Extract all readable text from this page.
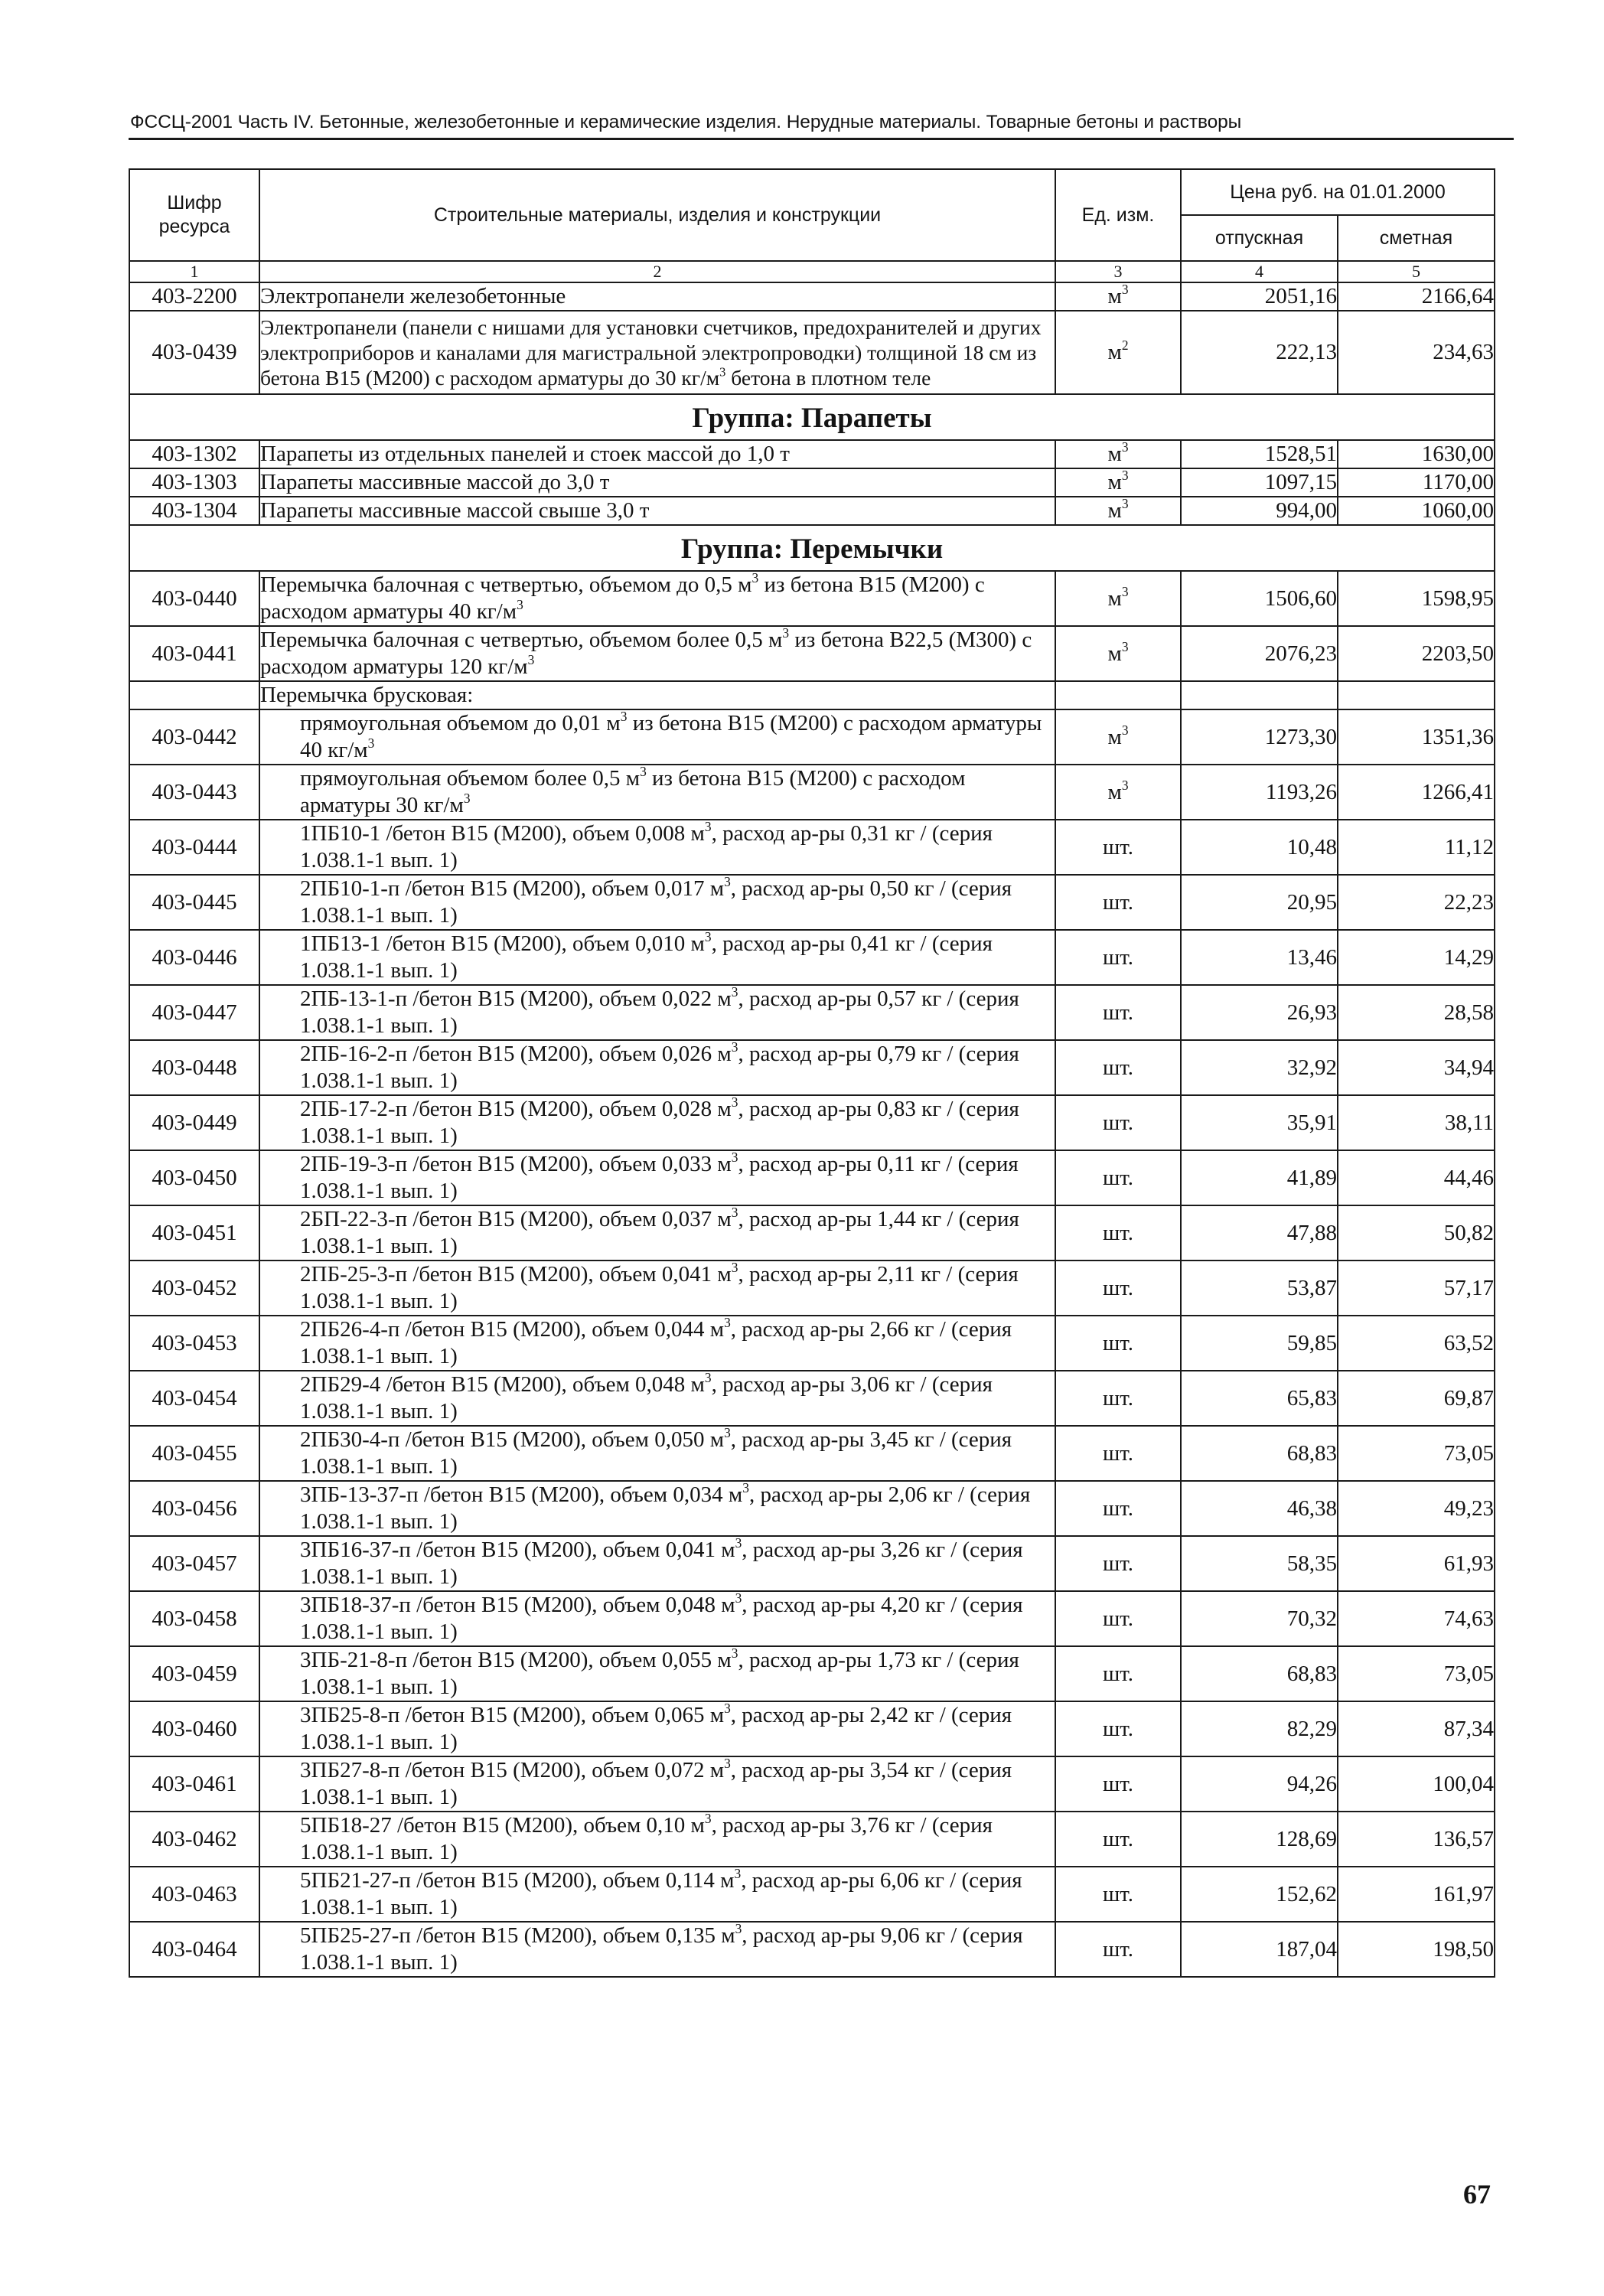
ФССЦ-2001 Часть IV. Бетонные, железобетонные и керамические изделия. Нерудные материалы. Товарные бетоны и растворы
Шифр ресурса	Строительные материалы, изделия и конструкции	Ед. изм.	Цена руб. на 01.01.2000	
			отпускная	сметная
1	2	3	4	5
403-2200	Электропанели железобетонные	$м^3$	2051,16	2166,64
403-0439	Электропанели (панели с нишами для установки счетчиков, предохранителей и других электроприборов и каналами для магистральной электропроводки) толщиной 18 см из бетона В15 (М200) с расходом арматуры до 30 $кг/м^3$ бетона в плотном теле	$м^2$	222,13	234,63
Группа: Парапеты				
403-1302	Парапеты из отдельных панелей и стоек массой до 1,0 т	$м^3$	1528,51	1630,00
403-1303	Парапеты массивные массой до 3,0 т	$м^3$	1097,15	1170,00
403-1304	Парапеты массивные массой свыше 3,0 т	$м^3$	994,00	1060,00
Группа: Перемычки				
403-0440	Перемычка балочная с четвертью, объемом до 0,5 $м^3$ из бетона В15 (М200) с расходом арматуры 40 $кг/м^3$	$м^3$	1506,60	1598,95
403-0441	Перемычка балочная с четвертью, объемом более 0,5 $м^3$ из бетона В22,5 (М300) с расходом арматуры 120 $кг/м^3$	$м^3$	2076,23	2203,50
	Перемычка брусковая:			
403-0442	прямоугольная объемом до 0,01 $м^3$ из бетона В15 (М200) с расходом арматуры 40 $кг/м^3$	$м^3$	1273,30	1351,36
403-0443	прямоугольная объемом более 0,5 $м^3$ из бетона В15 (М200) с расходом арматуры 30 $кг/м^3$	$м^3$	1193,26	1266,41
403-0444	1ПБ10-1 /бетон В15 (М200), объем 0,008 $м^3$, расход ар-ры 0,31 кг / (серия 1.038.1-1 вып. 1)	шт.	10,48	11,12
403-0445	2ПБ10-1-п /бетон В15 (М200), объем 0,017 $м^3$, расход ар-ры 0,50 кг / (серия 1.038.1-1 вып. 1)	шт.	20,95	22,23
403-0446	1ПБ13-1 /бетон В15 (М200), объем 0,010 $м^3$, расход ар-ры 0,41 кг / (серия 1.038.1-1 вып. 1)	шт.	13,46	14,29
403-0447	2ПБ-13-1-п /бетон В15 (М200), объем 0,022 $м^3$, расход ар-ры 0,57 кг / (серия 1.038.1-1 вып. 1)	шт.	26,93	28,58
403-0448	2ПБ-16-2-п /бетон В15 (М200), объем 0,026 $м^3$, расход ар-ры 0,79 кг / (серия 1.038.1-1 вып. 1)	шт.	32,92	34,94
403-0449	2ПБ-17-2-п /бетон В15 (М200), объем 0,028 $м^3$, расход ар-ры 0,83 кг / (серия 1.038.1-1 вып. 1)	шт.	35,91	38,11
403-0450	2ПБ-19-3-п /бетон В15 (М200), объем 0,033 $м^3$, расход ар-ры 0,11 кг / (серия 1.038.1-1 вып. 1)	шт.	41,89	44,46
403-0451	2БП-22-3-п /бетон В15 (М200), объем 0,037 $м^3$, расход ар-ры 1,44 кг / (серия 1.038.1-1 вып. 1)	шт.	47,88	50,82
403-0452	2ПБ-25-3-п /бетон В15 (М200), объем 0,041 $м^3$, расход ар-ры 2,11 кг / (серия 1.038.1-1 вып. 1)	шт.	53,87	57,17
403-0453	2ПБ26-4-п /бетон В15 (М200), объем 0,044 $м^3$, расход ар-ры 2,66 кг / (серия 1.038.1-1 вып. 1)	шт.	59,85	63,52
403-0454	2ПБ29-4 /бетон В15 (М200), объем 0,048 $м^3$, расход ар-ры 3,06 кг / (серия 1.038.1-1 вып. 1)	шт.	65,83	69,87
403-0455	2ПБ30-4-п /бетон В15 (М200), объем 0,050 $м^3$, расход ар-ры 3,45 кг / (серия 1.038.1-1 вып. 1)	шт.	68,83	73,05
403-0456	3ПБ-13-37-п /бетон В15 (М200), объем 0,034 $м^3$, расход ар-ры 2,06 кг / (серия 1.038.1-1 вып. 1)	шт.	46,38	49,23
403-0457	3ПБ16-37-п /бетон В15 (М200), объем 0,041 $м^3$, расход ар-ры 3,26 кг / (серия 1.038.1-1 вып. 1)	шт.	58,35	61,93
403-0458	3ПБ18-37-п /бетон В15 (М200), объем 0,048 $м^3$, расход ар-ры 4,20 кг / (серия 1.038.1-1 вып. 1)	шт.	70,32	74,63
403-0459	3ПБ-21-8-п /бетон В15 (М200), объем 0,055 $м^3$, расход ар-ры 1,73 кг / (серия 1.038.1-1 вып. 1)	шт.	68,83	73,05
403-0460	3ПБ25-8-п /бетон В15 (М200), объем 0,065 $м^3$, расход ар-ры 2,42 кг / (серия 1.038.1-1 вып. 1)	шт.	82,29	87,34
403-0461	3ПБ27-8-п /бетон В15 (М200), объем 0,072 $м^3$, расход ар-ры 3,54 кг / (серия 1.038.1-1 вып. 1)	шт.	94,26	100,04
403-0462	5ПБ18-27 /бетон В15 (М200), объем 0,10 $м^3$, расход ар-ры 3,76 кг / (серия 1.038.1-1 вып. 1)	шт.	128,69	136,57
403-0463	5ПБ21-27-п /бетон В15 (М200), объем 0,114 $м^3$, расход ар-ры 6,06 кг / (серия 1.038.1-1 вып. 1)	шт.	152,62	161,97
403-0464	5ПБ25-27-п /бетон В15 (М200), объем 0,135 $м^3$, расход ар-ры 9,06 кг / (серия 1.038.1-1 вып. 1)	шт.	187,04	198,50
67
